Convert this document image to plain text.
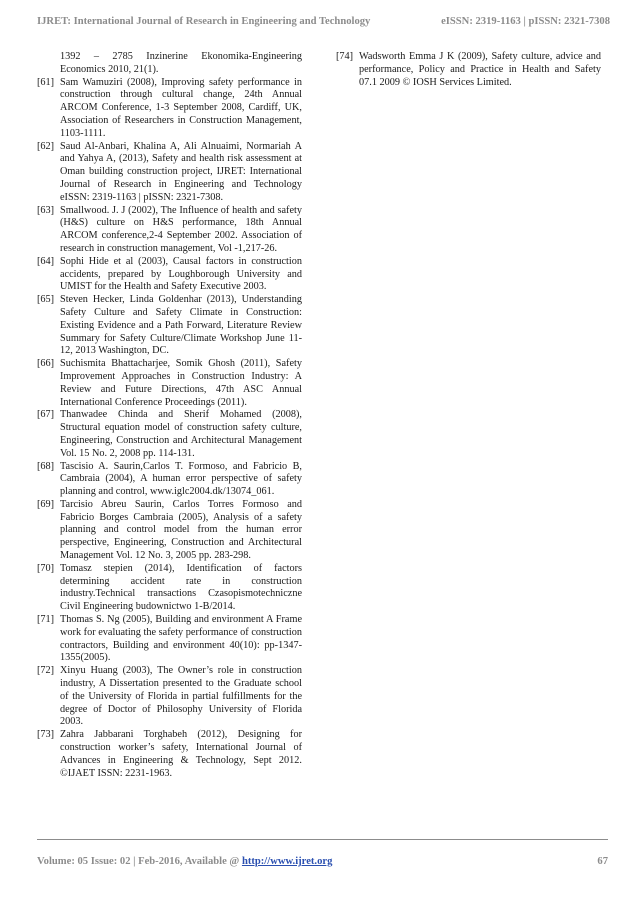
IJRET: International Journal of Research in Engineering and Technology	eISSN: 2319-1163 | pISSN: 2321-7308
1392 – 2785 Inzinerine Ekonomika-Engineering Economics 2010, 21(1).
[61] Sam Wamuziri (2008), Improving safety performance in construction through cultural change, 24th Annual ARCOM Conference, 1-3 September 2008, Cardiff, UK, Association of Researchers in Construction Management, 1103-1111.
[62] Saud Al-Anbari, Khalina A, Ali Alnuaimi, Normariah A and Yahya A, (2013), Safety and health risk assessment at Oman building construction project, IJRET: International Journal of Research in Engineering and Technology eISSN: 2319-1163 | pISSN: 2321-7308.
[63] Smallwood. J. J (2002), The Influence of health and safety (H&S) culture on H&S performance, 18th Annual ARCOM conference,2-4 September 2002. Association of research in construction management, Vol -1,217-26.
[64] Sophi Hide et al (2003), Causal factors in construction accidents, prepared by Loughborough University and UMIST for the Health and Safety Executive 2003.
[65] Steven Hecker, Linda Goldenhar (2013), Understanding Safety Culture and Safety Climate in Construction: Existing Evidence and a Path Forward, Literature Review Summary for Safety Culture/Climate Workshop June 11-12, 2013 Washington, DC.
[66] Suchismita Bhattacharjee, Somik Ghosh (2011), Safety Improvement Approaches in Construction Industry: A Review and Future Directions, 47th ASC Annual International Conference Proceedings (2011).
[67] Thanwadee Chinda and Sherif Mohamed (2008), Structural equation model of construction safety culture, Engineering, Construction and Architectural Management Vol. 15 No. 2, 2008 pp. 114-131.
[68] Tascisio A. Saurin,Carlos T. Formoso, and Fabricio B, Cambraia (2004), A human error perspective of safety planning and control, www.iglc2004.dk/13074_061.
[69] Tarcisio Abreu Saurin, Carlos Torres Formoso and Fabricio Borges Cambraia (2005), Analysis of a safety planning and control model from the human error perspective, Engineering, Construction and Architectural Management Vol. 12 No. 3, 2005 pp. 283-298.
[70] Tomasz stepien (2014), Identification of factors determining accident rate in construction industry.Technical transactions Czasopismotechniczne Civil Engineering budownictwo 1-B/2014.
[71] Thomas S. Ng (2005), Building and environment A Frame work for evaluating the safety performance of construction contractors, Building and environment 40(10): pp-1347-1355(2005).
[72] Xinyu Huang (2003), The Owner’s role in construction industry, A Dissertation presented to the Graduate school of the University of Florida in partial fulfillments for the degree of Doctor of Philosophy University of Florida 2003.
[73] Zahra Jabbarani Torghabeh (2012), Designing for construction worker’s safety, International Journal of Advances in Engineering & Technology, Sept 2012. ©IJAET ISSN: 2231-1963.
[74] Wadsworth Emma J K (2009), Safety culture, advice and performance, Policy and Practice in Health and Safety 07.1 2009 © IOSH Services Limited.
Volume: 05 Issue: 02 | Feb-2016, Available @ http://www.ijret.org	67
